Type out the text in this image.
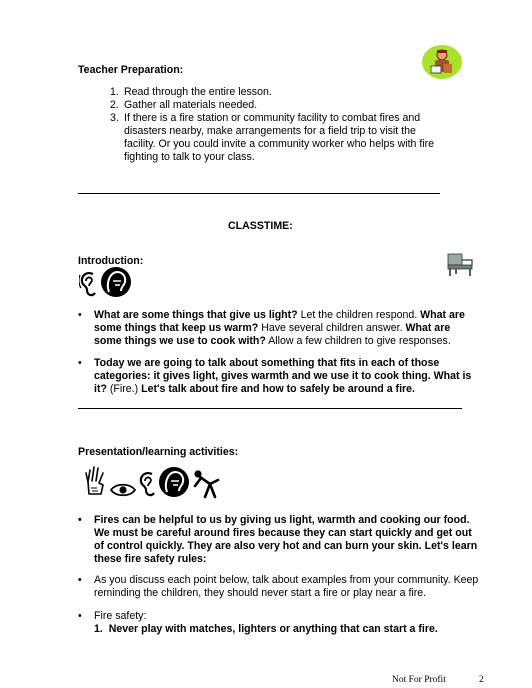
Teacher Preparation:
1. Read through the entire lesson.
2. Gather all materials needed.
3. If there is a fire station or community facility to combat fires and disasters nearby, make arrangements for a field trip to visit the facility. Or you could invite a community worker who helps with fire fighting to talk to your class.
CLASSTIME:
Introduction:
• What are some things that give us light? Let the children respond. What are some things that keep us warm? Have several children answer. What are some things we use to cook with? Allow a few children to give responses.
• Today we are going to talk about something that fits in each of those categories: it gives light, gives warmth and we use it to cook thing. What is it? (Fire.) Let's talk about fire and how to safely be around a fire.
Presentation/learning activities:
• Fires can be helpful to us by giving us light, warmth and cooking our food. We must be careful around fires because they can start quickly and get out of control quickly. They are also very hot and can burn your skin. Let's learn these fire safety rules:
• As you discuss each point below, talk about examples from your community. Keep reminding the children, they should never start a fire or play near a fire.
• Fire safety:
1. Never play with matches, lighters or anything that can start a fire.
Not For Profit	2
